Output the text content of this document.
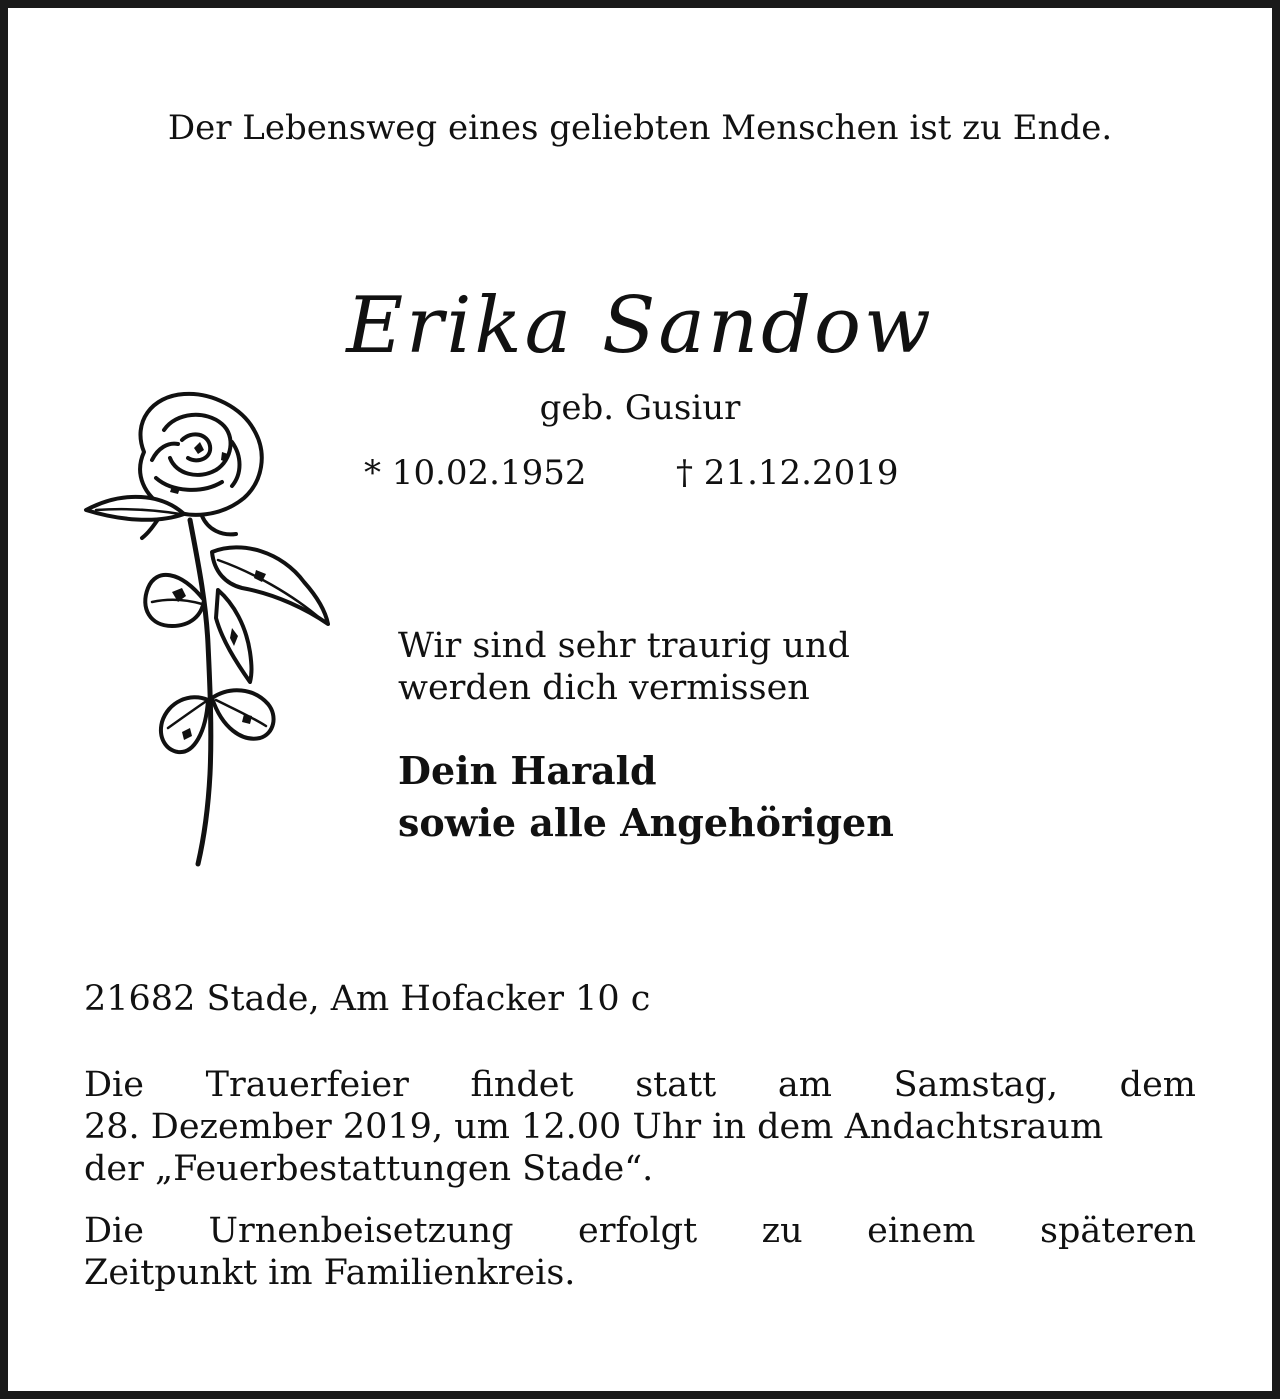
Der Lebensweg eines geliebten Menschen ist zu Ende.

Erika Sandow

geb. Gusiur

* 10.02.1952	† 21.12.2019

Wir sind sehr traurig und
werden dich vermissen

Dein Harald
sowie alle Angehörigen

21682 Stade, Am Hofacker 10 c

Die Trauerfeier findet statt am Samstag, dem
28. Dezember 2019, um 12.00 Uhr in dem Andachtsraum
der „Feuerbestattungen Stade“.

Die Urnenbeisetzung erfolgt zu einem späteren
Zeitpunkt im Familienkreis.
